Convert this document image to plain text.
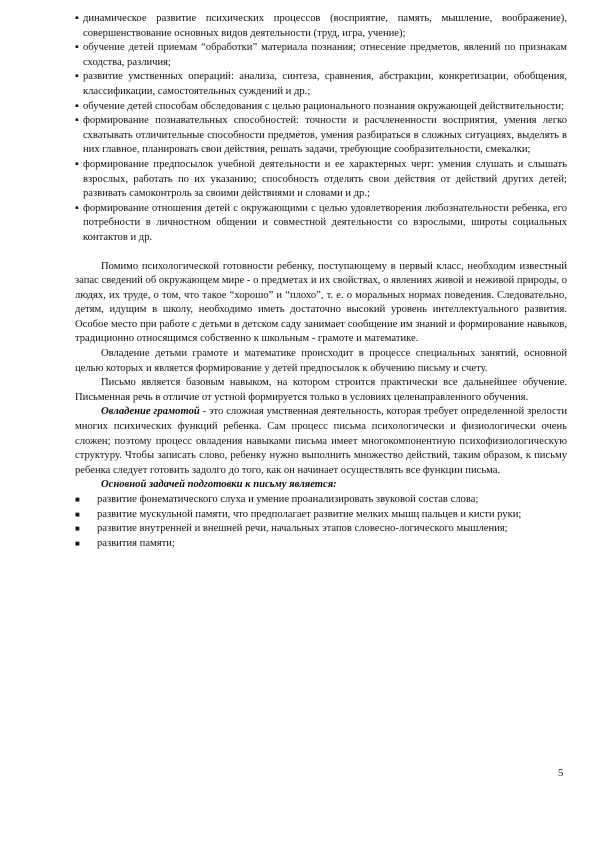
▪ динамическое развитие психических процессов (восприятие, память, мышление, воображение), совершенствование основных видов деятельности (труд, игра, учение);
▪ обучение детей приемам “обработки” материала познания; отнесение предметов, явлений по признакам сходства, различия;
▪ развитие умственных операций: анализа, синтеза, сравнения, абстракции, конкретизации, обобщения, классификации, самостоятельных суждений и др.;
▪ обучение детей способам обследования с целью рационального познания окружающей действительности;
▪ формирование познавательных способностей: точности и расчлененности восприятия, умения легко схватывать отличительные способности предметов, умения разбираться в сложных ситуациях, выделять в них главное, планировать свои действия, решать задачи, требующие сообразительности, смекалки;
▪ формирование предпосылок учебной деятельности и ее характерных черт: умения слушать и слышать взрослых, работать по их указанию; способность отделять свои действия от действий других детей; развивать самоконтроль за своими действиями и словами и др.;
▪ формирование отношения детей с окружающими с целью удовлетворения любознательности ребенка, его потребности в личностном общении и совместной деятельности со взрослыми, широты социальных контактов и др.

Помимо психологической готовности ребенку, поступающему в первый класс, необходим известный запас сведений об окружающем мире - о предметах и их свойствах, о явлениях живой и неживой природы, о людях, их труде, о том, что такое “хорошо” и “плохо”, т. е. о моральных нормах поведения. Следовательно, детям, идущим в школу, необходимо иметь достаточно высокий уровень интеллектуального развития. Особое место при работе с детьми в детском саду занимает сообщение им знаний и формирование навыков, традиционно относящимся собственно к школьным - грамоте и математике.

Овладение детьми грамоте и математике происходит в процессе специальных занятий, основной целью которых и является формирование у детей предпосылок к обучению письму и счету.

Письмо является базовым навыком, на котором строится практически все дальнейшее обучение. Письменная речь в отличие от устной формируется только в условиях целенаправленного обучения.

Овладение грамотой - это сложная умственная деятельность, которая требует определенной зрелости многих психических функций ребенка. Сам процесс письма психологически и физиологически очень сложен; поэтому процесс овладения навыками письма имеет многокомпонентную психофизиологическую структуру. Чтобы записать слово, ребенку нужно выполнить множество действий, таким образом, к письму ребенка следует готовить задолго до того, как он начинает осуществлять все функции письма.

Основной задачей подготовки к письму является:

■ развитие фонематического слуха и умение проанализировать звуковой состав слова;
■ развитие мускульной памяти, что предполагает развитие мелких мышц пальцев и кисти руки;
■ развитие внутренней и внешней речи, начальных этапов словесно-логического мышления;
■ развития памяти;
5
